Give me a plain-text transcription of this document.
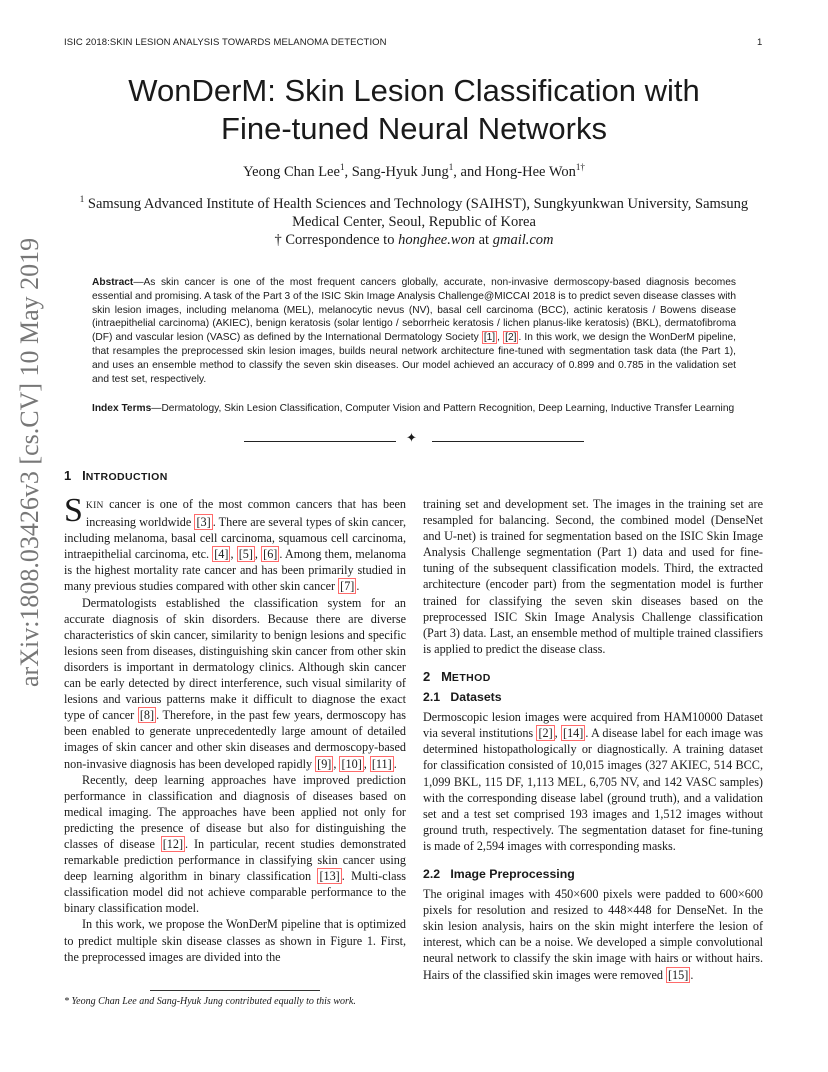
ISIC 2018:SKIN LESION ANALYSIS TOWARDS MELANOMA DETECTION	1
WonDerM: Skin Lesion Classification with
Fine-tuned Neural Networks
Yeong Chan Lee$^1$, Sang-Hyuk Jung$^1$, and Hong-Hee Won$^{1\dagger}$
$^1$ Samsung Advanced Institute of Health Sciences and Technology (SAIHST), Sungkyunkwan University, Samsung Medical Center, Seoul, Republic of Korea
† Correspondence to honghee.won at gmail.com
Abstract—As skin cancer is one of the most frequent cancers globally, accurate, non-invasive dermoscopy-based diagnosis becomes essential and promising. A task of the Part 3 of the ISIC Skin Image Analysis Challenge@MICCAI 2018 is to predict seven disease classes with skin lesion images, including melanoma (MEL), melanocytic nevus (NV), basal cell carcinoma (BCC), actinic keratosis / Bowens disease (intraepithelial carcinoma) (AKIEC), benign keratosis (solar lentigo / seborrheic keratosis / lichen planus-like keratosis) (BKL), dermatofibroma (DF) and vascular lesion (VASC) as defined by the International Dermatology Society [1] , [2] . In this work, we design the WonDerM pipeline, that resamples the preprocessed skin lesion images, builds neural network architecture fine-tuned with segmentation task data (the Part 1), and uses an ensemble method to classify the seven skin diseases. Our model achieved an accuracy of 0.899 and 0.785 in the validation set and test set, respectively.
Index Terms—Dermatology, Skin Lesion Classification, Computer Vision and Pattern Recognition, Deep Learning, Inductive Transfer Learning
✦
arXiv:1808.03426v3 [cs.CV] 10 May 2019 1 INTRODUCTION

SKIN cancer is one of the most common cancers that has been increasing worldwide [3] . There are several types of skin cancer, including melanoma, basal cell carcinoma, squamous cell carcinoma, intraepithelial carcinoma, etc. [4] , [5] , [6] . Among them, melanoma is the highest mortality rate cancer and has been primarily studied in many previous studies compared with other skin cancer [7] .

Dermatologists established the classification system for an accurate diagnosis of skin disorders. Because there are diverse characteristics of skin cancer, similarity to benign lesions and specific lesions seen from diseases, distinguishing skin cancer from other skin disorders is important in dermatology clinics. Although skin cancer can be early detected by direct interference, such visual similarity of lesions and various patterns make it difficult to diagnose the exact type of cancer [8] . Therefore, in the past few years, dermoscopy has been enabled to generate unprecedentedly large amount of detailed images of skin cancer and other skin diseases and dermoscopy-based non-invasive diagnosis has been developed rapidly [9] , [10] , [11] .

Recently, deep learning approaches have improved prediction performance in classification and diagnosis of diseases based on medical imaging. The approaches have been applied not only for predicting the presence of disease but also for distinguishing the classes of disease [12] . In particular, recent studies demonstrated remarkable prediction performance in classifying skin cancer using deep learning algorithm in binary classification [13] . Multi-class classification model did not achieve comparable performance to the binary classification model.

In this work, we propose the WonDerM pipeline that is optimized to predict multiple skin disease classes as shown in Figure 1. First, the preprocessed images are divided into the

training set and development set. The images in the training set are resampled for balancing. Second, the combined model (DenseNet and U-net) is trained for segmentation based on the ISIC Skin Image Analysis Challenge segmentation (Part 1) data and used for fine-tuning of the subsequent classification models. Third, the extracted architecture (encoder part) from the segmentation model is further trained for classifying the seven skin diseases based on the preprocessed ISIC Skin Image Analysis Challenge classification (Part 3) data. Last, an ensemble method of multiple trained classifiers is applied to predict the disease class.

2 METHOD
2.1   Datasets

Dermoscopic lesion images were acquired from HAM10000 Dataset via several institutions [2] , [14] . A disease label for each image was determined histopathologically or diagnostically. A training dataset for classification consisted of 10,015 images (327 AKIEC, 514 BCC, 1,099 BKL, 115 DF, 1,113 MEL, 6,705 NV, and 142 VASC samples) with the corresponding disease label (ground truth), and a validation set and a test set comprised 193 images and 1,512 images without ground truth, respectively. The segmentation dataset for fine-tuning is made of 2,594 images with corresponding masks.

2.2   Image Preprocessing

The original images with 450×600 pixels were padded to 600×600 pixels for resolution and resized to 448×448 for DenseNet. In the skin lesion analysis, hairs on the skin might interfere the lesion of interest, which can be a noise. We developed a simple convolutional neural network to classify the skin image with hairs or without hairs. Hairs of the classified skin images were removed [15] .

* Yeong Chan Lee and Sang-Hyuk Jung contributed equally to this work.
